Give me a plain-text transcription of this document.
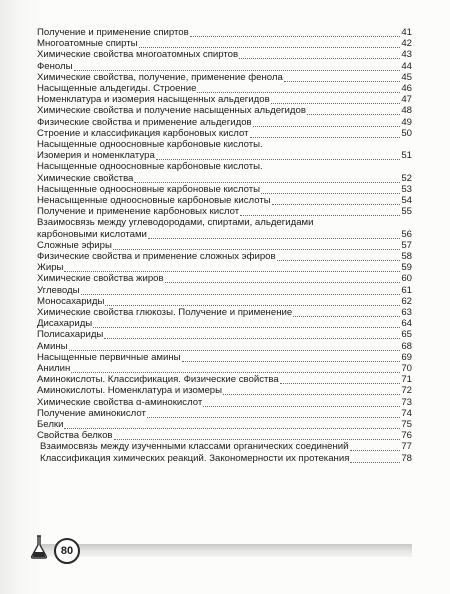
Получение и применение спиртов	41
Многоатомные спирты	42
Химические свойства многоатомных спиртов	43
Фенолы	44
Химические свойства, получение, применение фенола	45
Насыщенные альдегиды. Строение	46
Номенклатура и изомерия насыщенных альдегидов	47
Химические свойства и получение насыщенных альдегидов	48
Физические свойства и применение альдегидов	49
Строение и классификация карбоновых кислот	50
Насыщенные одноосновные карбоновые кислоты.
Изомерия и номенклатура	51
Насыщенные одноосновные карбоновые кислоты.
Химические свойства	52
Насыщенные одноосновные карбоновые кислоты	53
Ненасыщенные одноосновные карбоновые кислоты	54
Получение и применение карбоновых кислот	55
Взаимосвязь между углеводородами, спиртами, альдегидами
карбоновыми кислотами	56
Сложные эфиры	57
Физические свойства и применение сложных эфиров	58
Жиры	59
Химические свойства жиров	60
Углеводы	61
Моносахариды	62
Химические свойства глюкозы. Получение и применение	63
Дисахариды	64
Полисахариды	65
Амины	68
Насыщенные первичные амины	69
Анилин	70
Аминокислоты. Классификация. Физические свойства	71
Аминокислоты. Номенклатура и изомеры	72
Химические свойства α-аминокислот	73
Получение аминокислот	74
Белки	75
Свойства белков	76
Взаимосвязь между изученными классами органических соединений	77
Классификация химических реакций. Закономерности их протекания	78
80
